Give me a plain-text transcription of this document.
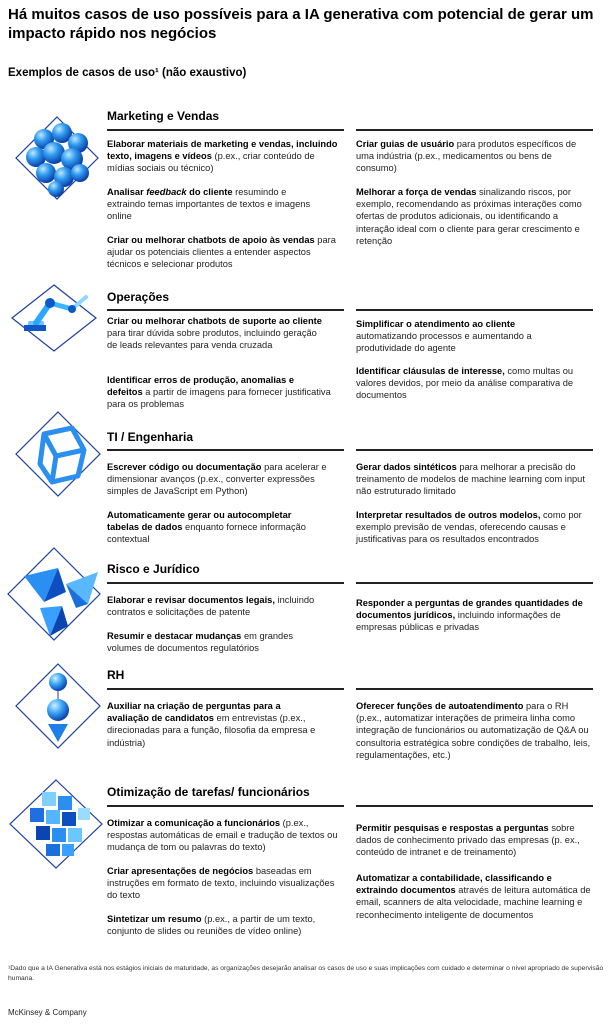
Há muitos casos de uso possíveis para a IA generativa com potencial de gerar um impacto rápido nos negócios
Exemplos de casos de uso¹ (não exaustivo)
Marketing e Vendas
Elaborar materiais de marketing e vendas, incluindo texto, imagens e vídeos (p.ex., criar conteúdo de mídias sociais ou técnico)
Analisar feedback do cliente resumindo e extraindo temas importantes de textos e imagens online
Criar ou melhorar chatbots de apoio às vendas para ajudar os potenciais clientes a entender aspectos técnicos e selecionar produtos
Criar guias de usuário para produtos específicos de uma indústria (p.ex., medicamentos ou bens de consumo)
Melhorar a força de vendas sinalizando riscos, por exemplo, recomendando as próximas interações como ofertas de produtos adicionais, ou identificando a interação ideal com o cliente para gerar crescimento e retenção
Operações
Criar ou melhorar chatbots de suporte ao cliente para tirar dúvida sobre produtos, incluindo geração de leads relevantes para venda cruzada
Identificar erros de produção, anomalias e defeitos a partir de imagens para fornecer justificativa para os problemas
Simplificar o atendimento ao cliente automatizando processos e aumentando a produtividade do agente
Identificar cláusulas de interesse, como multas ou valores devidos, por meio da análise comparativa de documentos
TI / Engenharia
Escrever código ou documentação para acelerar e dimensionar avanços (p.ex., converter expressões simples de JavaScript em Python)
Automaticamente gerar ou autocompletar tabelas de dados enquanto fornece informação contextual
Gerar dados sintéticos para melhorar a precisão do treinamento de modelos de machine learning com input não estruturado limitado
Interpretar resultados de outros modelos, como por exemplo previsão de vendas, oferecendo causas e justificativas para os resultados encontrados
Risco e Jurídico
Elaborar e revisar documentos legais, incluindo contratos e solicitações de patente
Resumir e destacar mudanças em grandes volumes de documentos regulatórios
Responder a perguntas de grandes quantidades de documentos jurídicos, incluindo informações de empresas públicas e privadas
RH
Auxiliar na criação de perguntas para a avaliação de candidatos em entrevistas (p.ex., direcionadas para a função, filosofia da empresa e indústria)
Oferecer funções de autoatendimento para o RH (p.ex., automatizar interações de primeira linha como integração de funcionários ou automatização de Q&A ou consultoria estratégica sobre condições de trabalho, leis, regulamentações, etc.)
Otimização de tarefas/ funcionários
Otimizar a comunicação a funcionários (p.ex., respostas automáticas de email e tradução de textos ou mudança de tom ou palavras do texto)
Criar apresentações de negócios baseadas em instruções em formato de texto, incluindo visualizações do texto
Sintetizar um resumo (p.ex., a partir de um texto, conjunto de slides ou reuniões de vídeo online)
Permitir pesquisas e respostas a perguntas sobre dados de conhecimento privado das empresas (p. ex., conteúdo de intranet e de treinamento)
Automatizar a contabilidade, classificando e extraindo documentos através de leitura automática de email, scanners de alta velocidade, machine learning e reconhecimento inteligente de documentos
¹Dado que a IA Generativa está nos estágios iniciais de maturidade, as organizações desejarão analisar os casos de uso e suas implicações com cuidado e determinar o nível apropriado de supervisão humana.
McKinsey & Company
